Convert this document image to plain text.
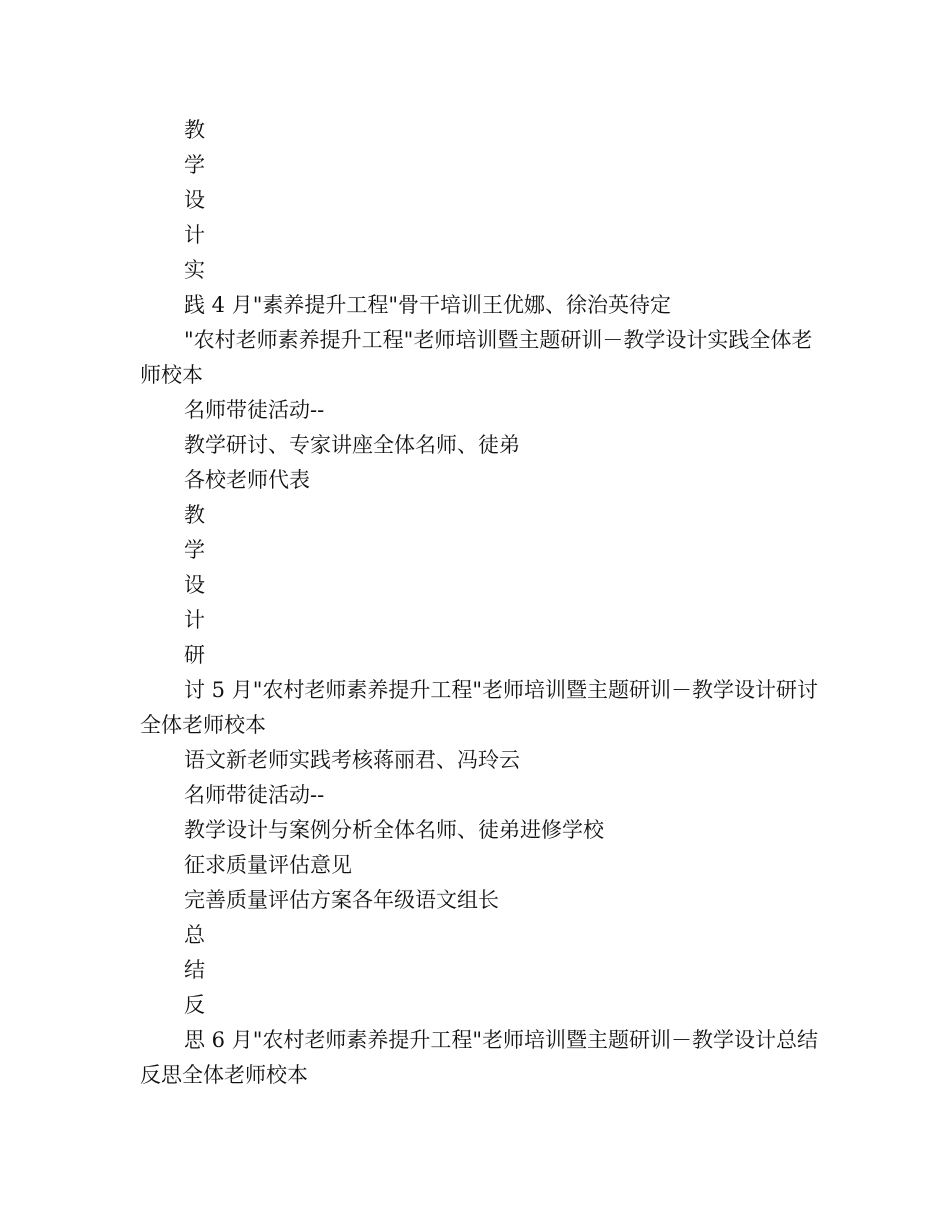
教

学

设

计

实

践 4 月"素养提升工程"骨干培训王优娜、徐治英待定

"农村老师素养提升工程"老师培训暨主题研训－教学设计实践全体老师校本

名师带徒活动--

教学研讨、专家讲座全体名师、徒弟

各校老师代表

教

学

设

计

研

讨 5 月"农村老师素养提升工程"老师培训暨主题研训－教学设计研讨全体老师校本

语文新老师实践考核蒋丽君、冯玲云

名师带徒活动--

教学设计与案例分析全体名师、徒弟进修学校

征求质量评估意见

完善质量评估方案各年级语文组长

总

结

反

思 6 月"农村老师素养提升工程"老师培训暨主题研训－教学设计总结反思全体老师校本
